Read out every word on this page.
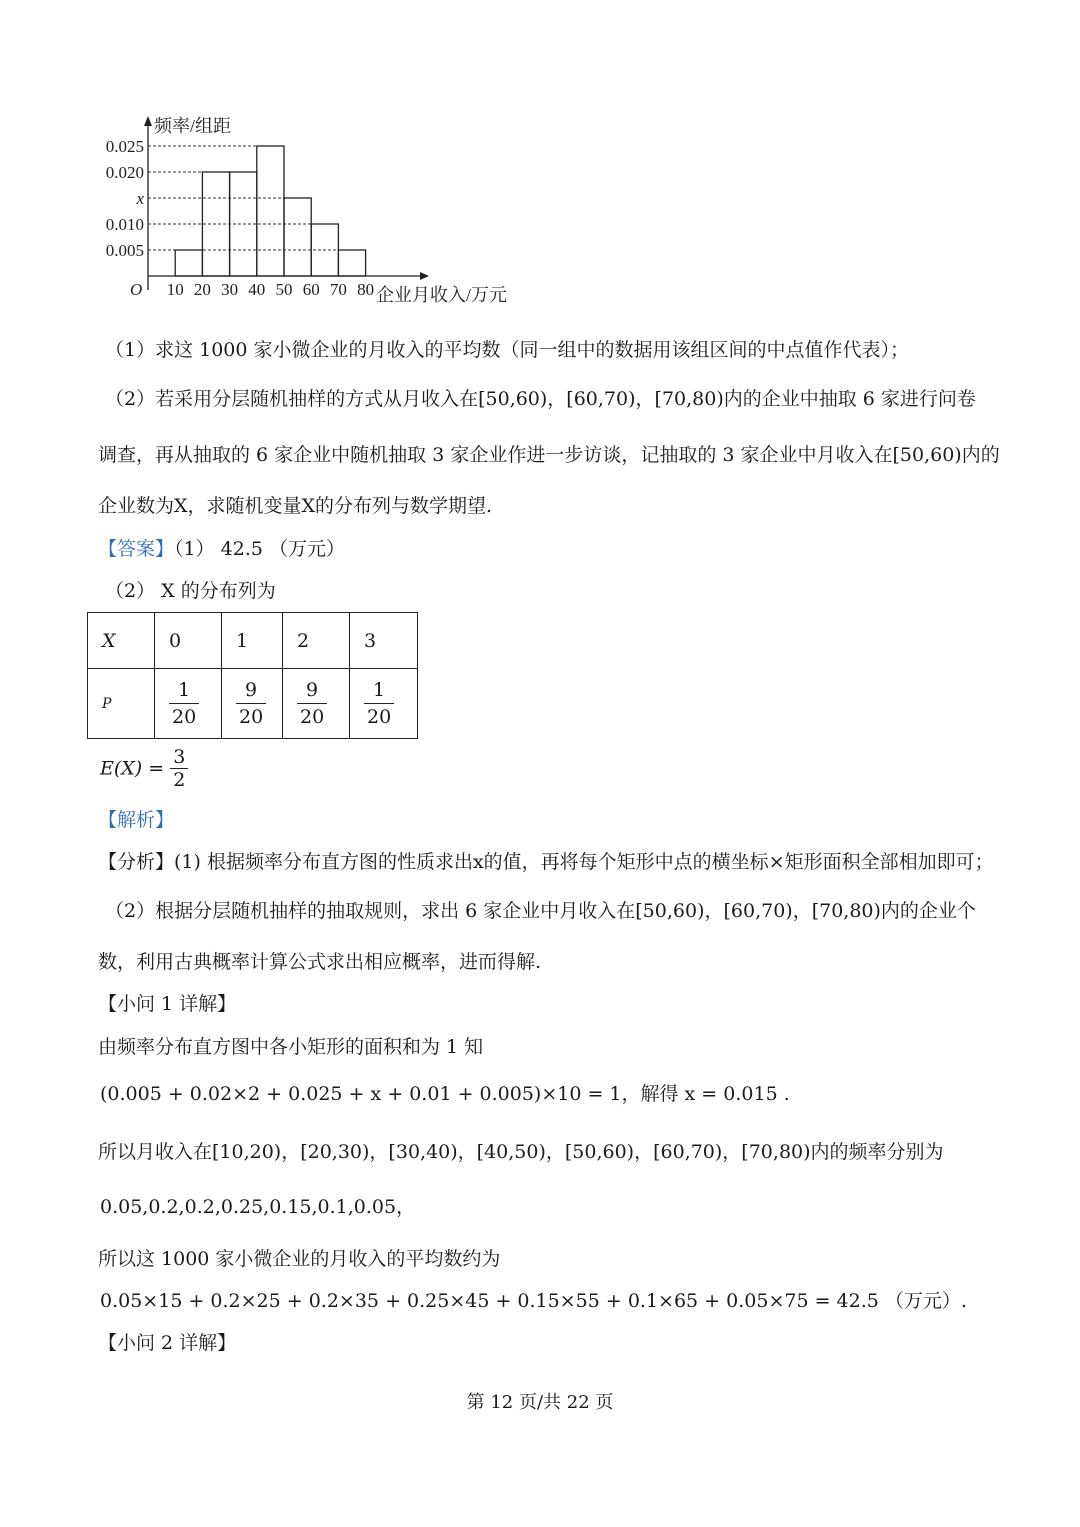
频率/组距
企业月收入/万元
O
0.025
0.020
x
0.010
0.005
10 20 30 40 50 60 70 80
（1）求这 1000 家小微企业的月收入的平均数（同一组中的数据用该组区间的中点值作代表）；
（2）若采用分层随机抽样的方式从月收入在[50,60)，[60,70)，[70,80)内的企业中抽取 6 家进行问卷
调查，再从抽取的 6 家企业中随机抽取 3 家企业作进一步访谈，记抽取的 3 家企业中月收入在[50,60)内的
企业数为X，求随机变量X的分布列与数学期望.
【答案】（1） 42.5 （万元）
（2） X 的分布列为
X	0	1	2	3
P	$\frac{1}{20}$	$\frac{9}{20}$	$\frac{9}{20}$	$\frac{1}{20}$
$E(X) = \frac{3}{2}$
【解析】
【分析】(1) 根据频率分布直方图的性质求出x的值，再将每个矩形中点的横坐标×矩形面积全部相加即可；
（2）根据分层随机抽样的抽取规则，求出 6 家企业中月收入在[50,60)，[60,70)，[70,80)内的企业个
数，利用古典概率计算公式求出相应概率，进而得解.
【小问 1 详解】
由频率分布直方图中各小矩形的面积和为 1 知
(0.005 + 0.02×2 + 0.025 + x + 0.01 + 0.005)×10 = 1，解得 x = 0.015 .
所以月收入在[10,20)，[20,30)，[30,40)，[40,50)，[50,60)，[60,70)，[70,80)内的频率分别为
0.05,0.2,0.2,0.25,0.15,0.1,0.05，
所以这 1000 家小微企业的月收入的平均数约为
0.05×15 + 0.2×25 + 0.2×35 + 0.25×45 + 0.15×55 + 0.1×65 + 0.05×75 = 42.5 （万元）.
【小问 2 详解】
第 12 页/共 22 页
